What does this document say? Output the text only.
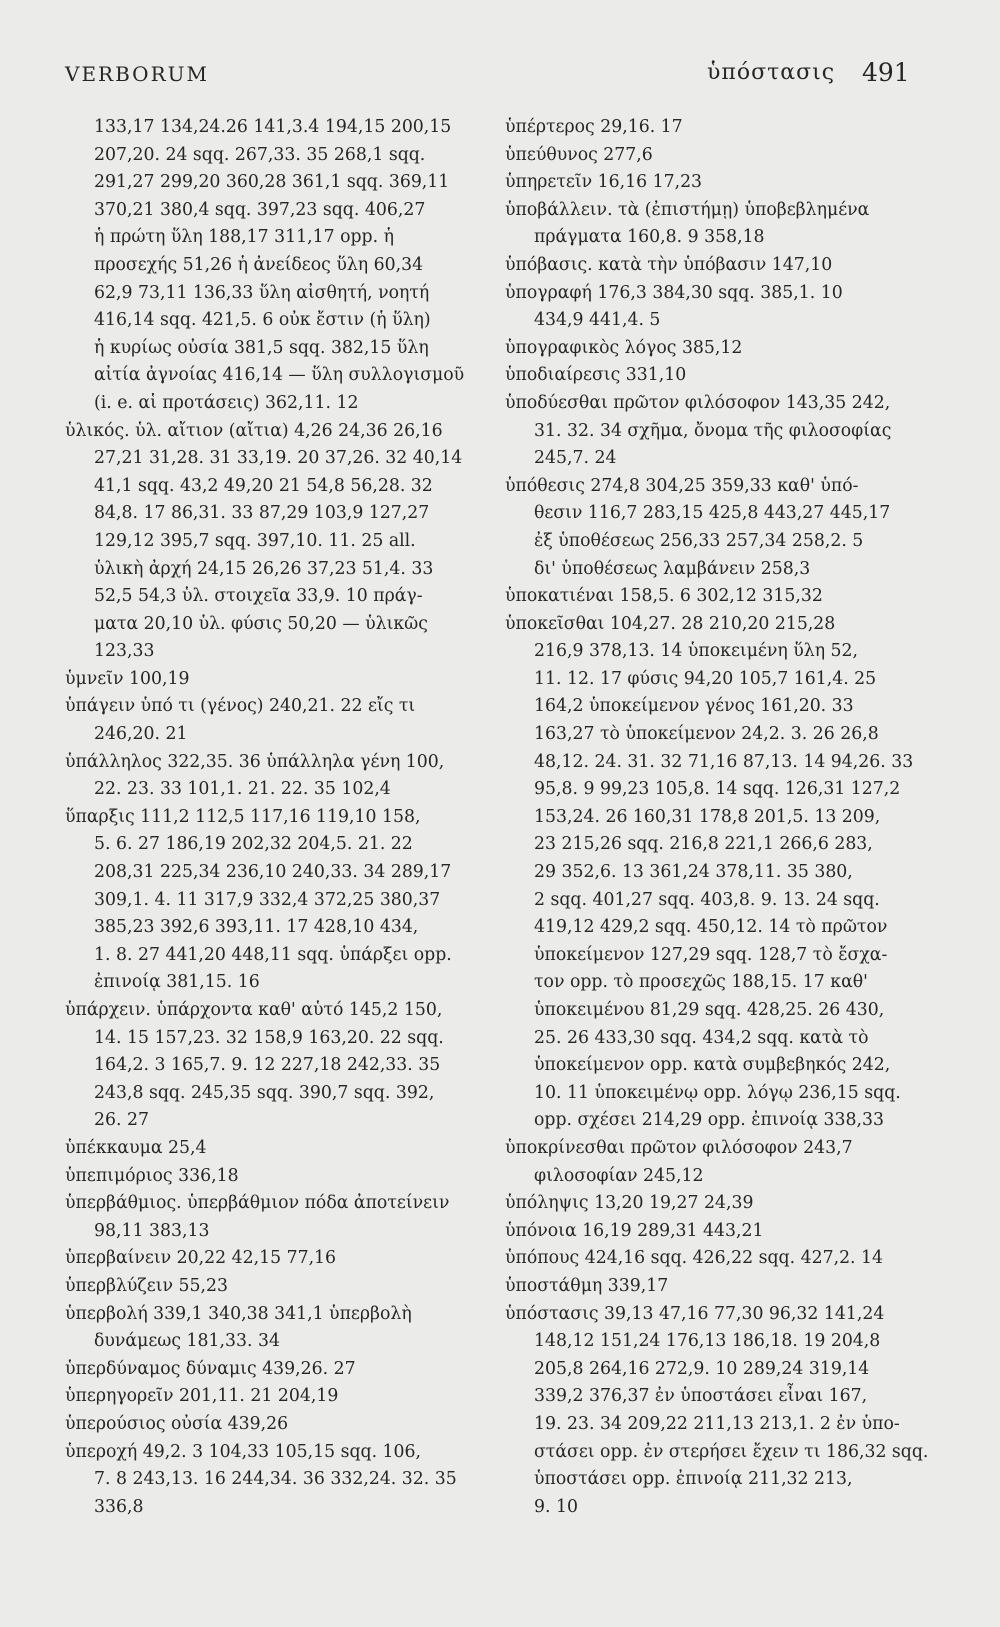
VERBORUM	ὑπόστασις 491
133,17 134,24.26 141,3.4 194,15 200,15
207,20. 24 sqq. 267,33. 35 268,1 sqq.
291,27 299,20 360,28 361,1 sqq. 369,11
370,21 380,4 sqq. 397,23 sqq. 406,27
ἡ πρώτη ὕλη 188,17 311,17 opp. ἡ
προσεχής 51,26 ἡ ἀνείδεος ὕλη 60,34
62,9 73,11 136,33 ὕλη αἰσθητή, νοητή
416,14 sqq. 421,5. 6 οὐκ ἔστιν (ἡ ὕλη)
ἡ κυρίως οὐσία 381,5 sqq. 382,15 ὕλη
αἰτία ἀγνοίας 416,14 — ὕλη συλλογισμοῦ
(i. e. αἱ προτάσεις) 362,11. 12
ὑλικός. ὑλ. αἴτιον (αἴτια) 4,26 24,36 26,16
27,21 31,28. 31 33,19. 20 37,26. 32 40,14
41,1 sqq. 43,2 49,20 21 54,8 56,28. 32
84,8. 17 86,31. 33 87,29 103,9 127,27
129,12 395,7 sqq. 397,10. 11. 25 all.
ὑλικὴ ἀρχή 24,15 26,26 37,23 51,4. 33
52,5 54,3 ὑλ. στοιχεῖα 33,9. 10 πράγ-
ματα 20,10 ὑλ. φύσις 50,20 — ὑλικῶς
123,33
ὑμνεῖν 100,19
ὑπάγειν ὑπό τι (γένος) 240,21. 22 εἴς τι
246,20. 21
ὑπάλληλος 322,35. 36 ὑπάλληλα γένη 100,
22. 23. 33 101,1. 21. 22. 35 102,4
ὕπαρξις 111,2 112,5 117,16 119,10 158,
5. 6. 27 186,19 202,32 204,5. 21. 22
208,31 225,34 236,10 240,33. 34 289,17
309,1. 4. 11 317,9 332,4 372,25 380,37
385,23 392,6 393,11. 17 428,10 434,
1. 8. 27 441,20 448,11 sqq. ὑπάρξει opp.
ἐπινοίᾳ 381,15. 16
ὑπάρχειν. ὑπάρχοντα καθ' αὑτό 145,2 150,
14. 15 157,23. 32 158,9 163,20. 22 sqq.
164,2. 3 165,7. 9. 12 227,18 242,33. 35
243,8 sqq. 245,35 sqq. 390,7 sqq. 392,
26. 27
ὑπέκκαυμα 25,4
ὑπεπιμόριος 336,18
ὑπερβάθμιος. ὑπερβάθμιον πόδα ἀποτείνειν
98,11 383,13
ὑπερβαίνειν 20,22 42,15 77,16
ὑπερβλύζειν 55,23
ὑπερβολή 339,1 340,38 341,1 ὑπερβολὴ
δυνάμεως 181,33. 34
ὑπερδύναμος δύναμις 439,26. 27
ὑπερηγορεῖν 201,11. 21 204,19
ὑπερούσιος οὐσία 439,26
ὑπεροχή 49,2. 3 104,33 105,15 sqq. 106,
7. 8 243,13. 16 244,34. 36 332,24. 32. 35
336,8
ὑπέρτερος 29,16. 17
ὑπεύθυνος 277,6
ὑπηρετεῖν 16,16 17,23
ὑποβάλλειν. τὰ (ἐπιστήμῃ) ὑποβεβλημένα
πράγματα 160,8. 9 358,18
ὑπόβασις. κατὰ τὴν ὑπόβασιν 147,10
ὑπογραφή 176,3 384,30 sqq. 385,1. 10
434,9 441,4. 5
ὑπογραφικὸς λόγος 385,12
ὑποδιαίρεσις 331,10
ὑποδύεσθαι πρῶτον φιλόσοφον 143,35 242,
31. 32. 34 σχῆμα, ὄνομα τῆς φιλοσοφίας
245,7. 24
ὑπόθεσις 274,8 304,25 359,33 καθ' ὑπό-
θεσιν 116,7 283,15 425,8 443,27 445,17
ἐξ ὑποθέσεως 256,33 257,34 258,2. 5
δι' ὑποθέσεως λαμβάνειν 258,3
ὑποκατιέναι 158,5. 6 302,12 315,32
ὑποκεῖσθαι 104,27. 28 210,20 215,28
216,9 378,13. 14 ὑποκειμένη ὕλη 52,
11. 12. 17 φύσις 94,20 105,7 161,4. 25
164,2 ὑποκείμενον γένος 161,20. 33
163,27 τὸ ὑποκείμενον 24,2. 3. 26 26,8
48,12. 24. 31. 32 71,16 87,13. 14 94,26. 33
95,8. 9 99,23 105,8. 14 sqq. 126,31 127,2
153,24. 26 160,31 178,8 201,5. 13 209,
23 215,26 sqq. 216,8 221,1 266,6 283,
29 352,6. 13 361,24 378,11. 35 380,
2 sqq. 401,27 sqq. 403,8. 9. 13. 24 sqq.
419,12 429,2 sqq. 450,12. 14 τὸ πρῶτον
ὑποκείμενον 127,29 sqq. 128,7 τὸ ἔσχα-
τον opp. τὸ προσεχῶς 188,15. 17 καθ'
ὑποκειμένου 81,29 sqq. 428,25. 26 430,
25. 26 433,30 sqq. 434,2 sqq. κατὰ τὸ
ὑποκείμενον opp. κατὰ συμβεβηκός 242,
10. 11 ὑποκειμένῳ opp. λόγῳ 236,15 sqq.
opp. σχέσει 214,29 opp. ἐπινοίᾳ 338,33
ὑποκρίνεσθαι πρῶτον φιλόσοφον 243,7
φιλοσοφίαν 245,12
ὑπόληψις 13,20 19,27 24,39
ὑπόνοια 16,19 289,31 443,21
ὑπόπους 424,16 sqq. 426,22 sqq. 427,2. 14
ὑποστάθμη 339,17
ὑπόστασις 39,13 47,16 77,30 96,32 141,24
148,12 151,24 176,13 186,18. 19 204,8
205,8 264,16 272,9. 10 289,24 319,14
339,2 376,37 ἐν ὑποστάσει εἶναι 167,
19. 23. 34 209,22 211,13 213,1. 2 ἐν ὑπο-
στάσει opp. ἐν στερήσει ἔχειν τι 186,32 sqq.
ὑποστάσει opp. ἐπινοίᾳ 211,32 213,
9. 10
